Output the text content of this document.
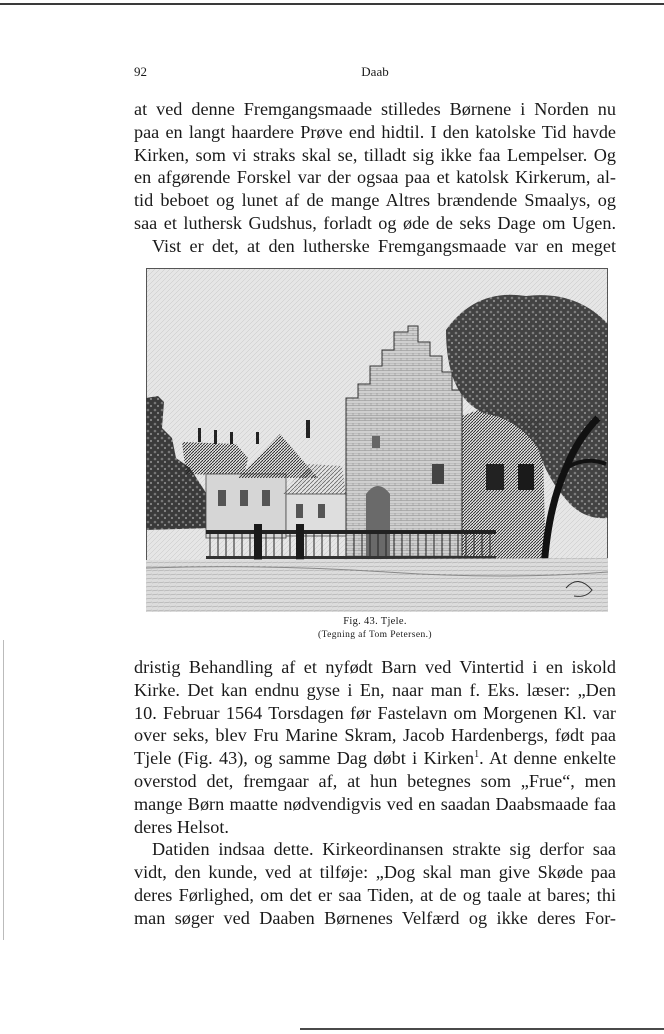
92	Daab

at ved denne Fremgangsmaade stilledes Børnene i Norden nu

paa en langt haardere Prøve end hidtil. I den katolske Tid havde

Kirken, som vi straks skal se, tilladt sig ikke faa Lempelser. Og

en afgørende Forskel var der ogsaa paa et katolsk Kirkerum, al-

tid beboet og lunet af de mange Altres brændende Smaalys, og

saa et luthersk Gudshus, forladt og øde de seks Dage om Ugen.

Vist er det, at den lutherske Fremgangsmaade var en meget

Fig. 43. Tjele.
(Tegning af Tom Petersen.)

dristig Behandling af et nyfødt Barn ved Vintertid i en iskold

Kirke. Det kan endnu gyse i En, naar man f. Eks. læser: „Den

10. Februar 1564 Torsdagen før Fastelavn om Morgenen Kl. var

over seks, blev Fru Marine Skram, Jacob Hardenbergs, født paa

Tjele (Fig. 43), og samme Dag døbt i Kirken$^1$. At denne enkelte

overstod det, fremgaar af, at hun betegnes som „Frue“, men

mange Børn maatte nødvendigvis ved en saadan Daabsmaade faa

deres Helsot.

Datiden indsaa dette. Kirkeordinansen strakte sig derfor saa

vidt, den kunde, ved at tilføje: „Dog skal man give Skøde paa

deres Førlighed, om det er saa Tiden, at de og taale at bares; thi

man søger ved Daaben Børnenes Velfærd og ikke deres For-
